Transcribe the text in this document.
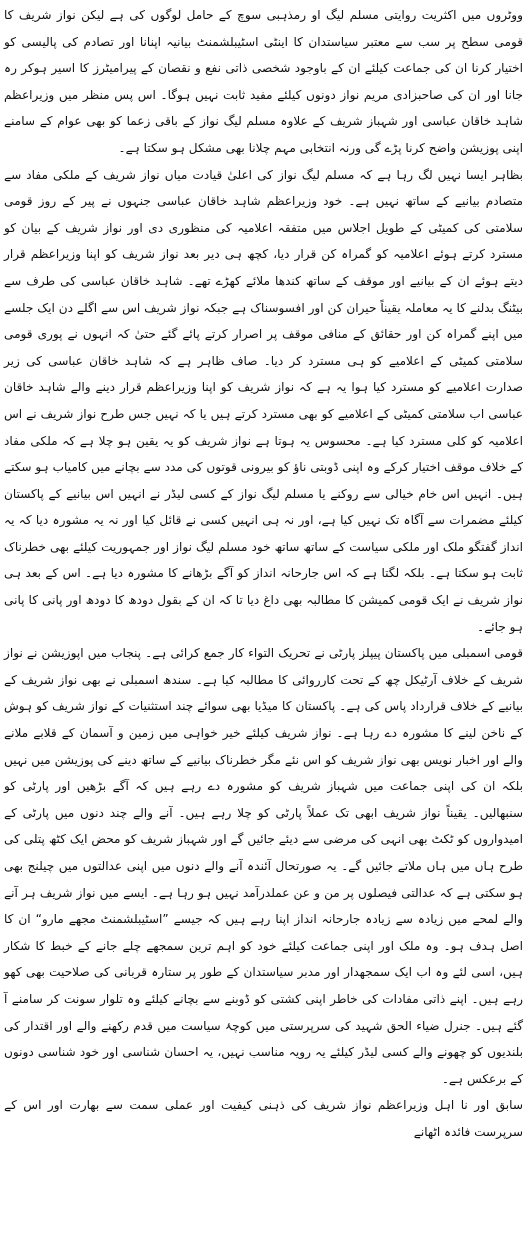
ووٹروں میں اکثریت روایتی مسلم لیگ او رمذہبی سوچ کے حامل لوگوں کی ہے لیکن نواز شریف کا قومی سطح پر سب سے معتبر سیاستدان کا اینٹی اسٹیبلشمنٹ بیانیہ اپنانا اور تصادم کی پالیسی کو اختیار کرنا ان کی جماعت کیلئے ان کے باوجود شخصی ذاتی نفع و نقصان کے پیرامیٹرز کا اسیر ہوکر رہ جانا اور ان کی صاحبزادی مریم نواز دونوں کیلئے مفید ثابت نہیں ہوگا۔ اس پس منظر میں وزیراعظم شاہد خاقان عباسی اور شہباز شریف کے علاوہ مسلم لیگ نواز کے باقی زعما کو بھی عوام کے سامنے اپنی پوزیشن واضح کرنا پڑے گی ورنہ انتخابی مہم چلانا بھی مشکل ہو سکتا ہے۔

بظاہر ایسا نہیں لگ رہا ہے کہ مسلم لیگ نواز کی اعلیٰ قیادت میاں نواز شریف کے ملکی مفاد سے متصادم بیانیے کے ساتھ نہیں ہے۔ خود وزیراعظم شاہد خاقان عباسی جنہوں نے پیر کے روز قومی سلامتی کی کمیٹی کے طویل اجلاس میں متفقہ اعلامیہ کی منظوری دی اور نواز شریف کے بیان کو مسترد کرتے ہوئے اعلامیہ کو گمراہ کن قرار دیا، کچھ ہی دیر بعد نواز شریف کو اپنا وزیراعظم قرار دیتے ہوئے ان کے بیانیے اور موقف کے ساتھ کندھا ملائے کھڑے تھے۔ شاہد خاقان عباسی کی طرف سے بیٹنگ بدلنے کا یہ معاملہ یقیناً حیران کن اور افسوسناک ہے جبکہ نواز شریف اس سے اگلے دن ایک جلسے میں اپنے گمراہ کن اور حقائق کے منافی موقف پر اصرار کرتے پائے گئے حتیٰ کہ انہوں نے پوری قومی سلامتی کمیٹی کے اعلامیے کو ہی مسترد کر دیا۔ صاف ظاہر ہے کہ شاہد خاقان عباسی کی زیر صدارت اعلامیے کو مسترد کیا ہوا یہ ہے کہ نواز شریف کو اپنا وزیراعظم قرار دینے والے شاہد خاقان عباسی اب سلامتی کمیٹی کے اعلامیے کو بھی مسترد کرتے ہیں یا کہ نہیں جس طرح نواز شریف نے اس اعلامیہ کو کلی مسترد کیا ہے۔ محسوس یہ ہوتا ہے نواز شریف کو یہ یقین ہو چلا ہے کہ ملکی مفاد کے خلاف موقف اختیار کرکے وہ اپنی ڈوبتی ناؤ کو بیرونی قوتوں کی مدد سے بچانے میں کامیاب ہو سکتے ہیں۔ انہیں اس خام خیالی سے روکنے یا مسلم لیگ نواز کے کسی لیڈر نے انہیں اس بیانیے کے پاکستان کیلئے مضمرات سے آگاہ تک نہیں کیا ہے، اور نہ ہی انہیں کسی نے قائل کیا اور نہ یہ مشورہ دیا کہ یہ انداز گفتگو ملک اور ملکی سیاست کے ساتھ ساتھ خود مسلم لیگ نواز اور جمہوریت کیلئے بھی خطرناک ثابت ہو سکتا ہے۔ بلکہ لگتا ہے کہ اس جارحانہ انداز کو آگے بڑھانے کا مشورہ دیا ہے۔ اس کے بعد ہی نواز شریف نے ایک قومی کمیشن کا مطالبہ بھی داغ دیا تا کہ ان کے بقول دودھ کا دودھ اور پانی کا پانی ہو جائے۔

قومی اسمبلی میں پاکستان پیپلز پارٹی نے تحریک التواء کار جمع کرائی ہے۔ پنجاب میں اپوزیشن نے نواز شریف کے خلاف آرٹیکل چھ کے تحت کارروائی کا مطالبہ کیا ہے۔ سندھ اسمبلی نے بھی نواز شریف کے بیانیے کے خلاف قرارداد پاس کی ہے۔ پاکستان کا میڈیا بھی سوائے چند استثنیات کے نواز شریف کو ہوش کے ناخن لینے کا مشورہ دے رہا ہے۔ نواز شریف کیلئے خیر خواہی میں زمین و آسمان کے قلابے ملانے والے اور اخبار نویس بھی نواز شریف کو اس نئے مگر خطرناک بیانیے کے ساتھ دینے کی پوزیشن میں نہیں بلکہ ان کی اپنی جماعت میں شہباز شریف کو مشورہ دے رہے ہیں کہ آگے بڑھیں اور پارٹی کو سنبھالیں۔ یقیناً نواز شریف ابھی تک عملاً پارٹی کو چلا رہے ہیں۔ آنے والے چند دنوں میں پارٹی کے امیدواروں کو ٹکٹ بھی انہی کی مرضی سے دیئے جائیں گے اور شہباز شریف کو محض ایک کٹھ پتلی کی طرح ہاں میں ہاں ملاتے جائیں گے۔ یہ صورتحال آئندہ آنے والے دنوں میں اپنی عدالتوں میں چیلنج بھی ہو سکتی ہے کہ عدالتی فیصلوں پر من و عن عملدرآمد نہیں ہو رہا ہے۔ ایسے میں نواز شریف ہر آنے والے لمحے میں زیادہ سے زیادہ جارحانہ انداز اپنا رہے ہیں کہ جیسے ”اسٹیبلشمنٹ مجھے مارو“ ان کا اصل ہدف ہو۔ وہ ملک اور اپنی جماعت کیلئے خود کو اہم ترین سمجھے چلے جانے کے خبط کا شکار ہیں، اسی لئے وہ اب ایک سمجھدار اور مدبر سیاستدان کے طور پر ستارہ قربانی کی صلاحیت بھی کھو رہے ہیں۔ اپنے ذاتی مفادات کی خاطر اپنی کشتی کو ڈوبنے سے بچانے کیلئے وہ تلوار سونت کر سامنے آ گئے ہیں۔ جنرل ضیاء الحق شہید کی سرپرستی میں کوچۂ سیاست میں قدم رکھنے والے اور اقتدار کی بلندیوں کو چھونے والے کسی لیڈر کیلئے یہ رویہ مناسب نہیں، یہ احسان شناسی اور خود شناسی دونوں کے برعکس ہے۔

سابق اور نا اہل وزیراعظم نواز شریف کی ذہنی کیفیت اور عملی سمت سے بھارت اور اس کے سرپرست فائدہ اٹھانے
